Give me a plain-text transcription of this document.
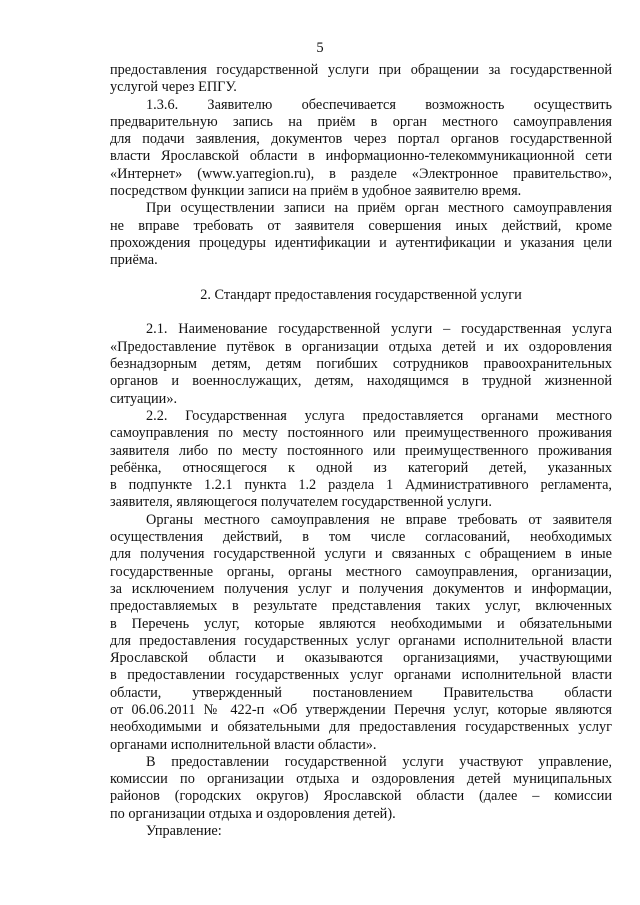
5

предоставления государственной услуги при обращении за государственной
услугой через ЕПГУ.

1.3.6. Заявителю обеспечивается возможность осуществить
предварительную запись на приём в орган местного самоуправления
для подачи заявления, документов через портал органов государственной
власти Ярославской области в информационно-телекоммуникационной сети
«Интернет» (www.yarregion.ru), в разделе «Электронное правительство»,
посредством функции записи на приём в удобное заявителю время.

При осуществлении записи на приём орган местного самоуправления
не вправе требовать от заявителя совершения иных действий, кроме
прохождения процедуры идентификации и аутентификации и указания цели
приёма.

2. Стандарт предоставления государственной услуги

2.1. Наименование государственной услуги – государственная услуга
«Предоставление путёвок в организации отдыха детей и их оздоровления
безнадзорным детям, детям погибших сотрудников правоохранительных
органов и военнослужащих, детям, находящимся в трудной жизненной
ситуации».

2.2. Государственная услуга предоставляется органами местного
самоуправления по месту постоянного или преимущественного проживания
заявителя либо по месту постоянного или преимущественного проживания
ребёнка, относящегося к одной из категорий детей, указанных
в подпункте 1.2.1 пункта 1.2 раздела 1 Административного регламента,
заявителя, являющегося получателем государственной услуги.

Органы местного самоуправления не вправе требовать от заявителя
осуществления действий, в том числе согласований, необходимых
для получения государственной услуги и связанных с обращением в иные
государственные органы, органы местного самоуправления, организации,
за исключением получения услуг и получения документов и информации,
предоставляемых в результате представления таких услуг, включенных
в Перечень услуг, которые являются необходимыми и обязательными
для предоставления государственных услуг органами исполнительной власти
Ярославской области и оказываются организациями, участвующими
в предоставлении государственных услуг органами исполнительной власти
области, утвержденный постановлением Правительства области
от 06.06.2011 № 422-п «Об утверждении Перечня услуг, которые являются
необходимыми и обязательными для предоставления государственных услуг
органами исполнительной власти области».

В предоставлении государственной услуги участвуют управление,
комиссии по организации отдыха и оздоровления детей муниципальных
районов (городских округов) Ярославской области (далее – комиссии
по организации отдыха и оздоровления детей).

Управление:
